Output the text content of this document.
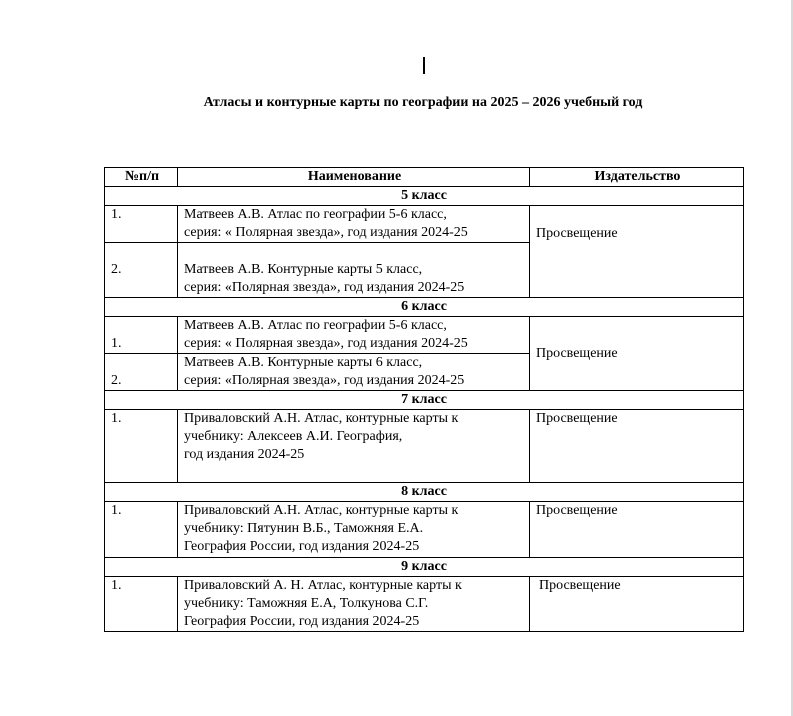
Атласы и контурные карты по географии на 2025 – 2026 учебный год
№п/п	Наименование	Издательство
5 класс		
1.	Матвеев А.В. Атлас по географии 5-6 класс,
серия: « Полярная звезда», год издания 2024-25	Просвещение

2.	Матвеев А.В. Контурные карты 5 класс,
серия: «Полярная звезда», год издания 2024-25	

6 класс		
1.	Матвеев А.В. Атлас по географии 5-6 класс,
серия: « Полярная звезда», год издания 2024-25	Просвещение
2.	Матвеев А.В. Контурные карты 6 класс,
серия: «Полярная звезда», год издания 2024-25	

7 класс		
1.	Приваловский А.Н. Атлас, контурные карты к
учебнику: Алексеев А.И. География,
год издания 2024-25	Просвещение
8 класс		
1.	Приваловский А.Н. Атлас, контурные карты к
учебнику: Пятунин В.Б., Таможняя Е.А.
География России, год издания 2024-25	Просвещение
9 класс		
1.	Приваловский А. Н. Атлас, контурные карты к
учебнику: Таможняя Е.А, Толкунова С.Г.
География России, год издания 2024-25	Просвещение
